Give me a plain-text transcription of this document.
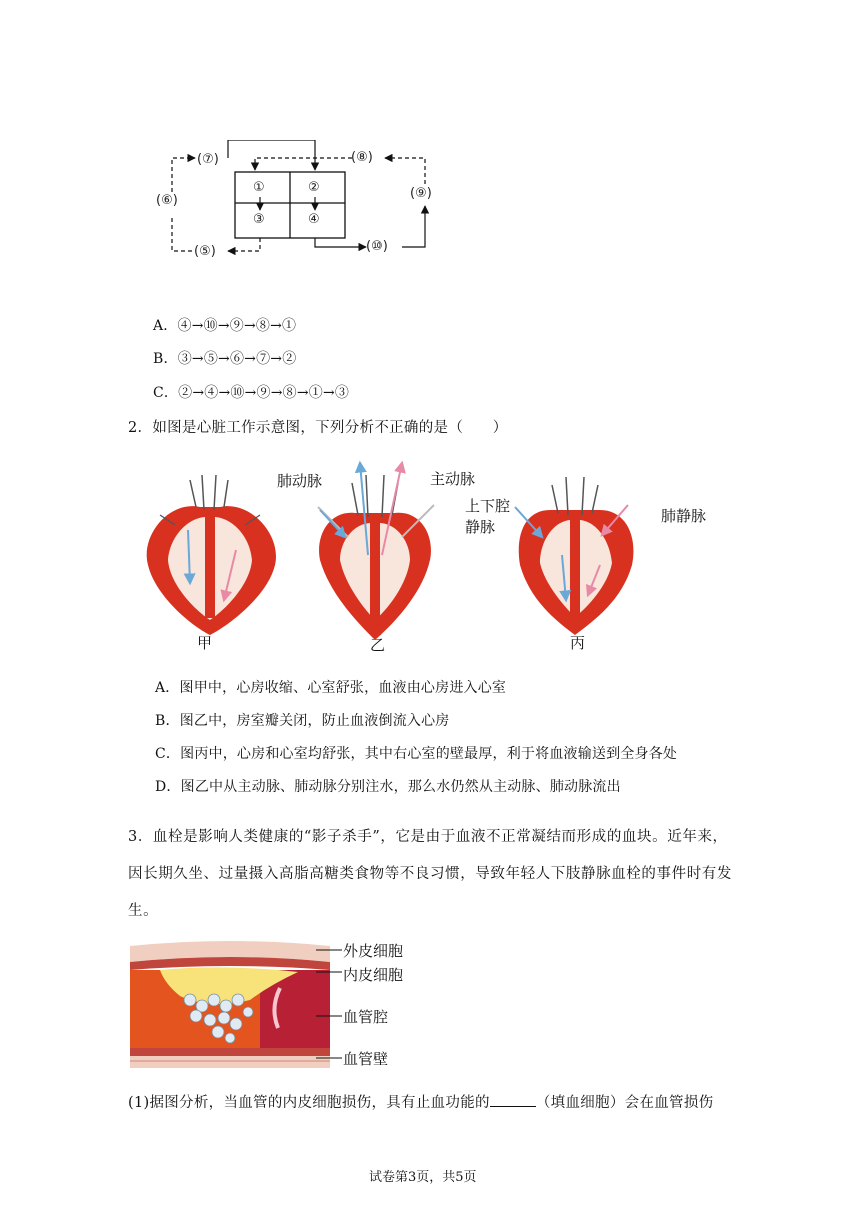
(⑦)	(⑧)
(⑥)	(⑨)
(⑤)	(⑩)
①	②
③	④
A．④→⑩→⑨→⑧→①
B．③→⑤→⑥→⑦→②
C．②→④→⑩→⑨→⑧→①→③
2．如图是心脏工作示意图，下列分析不正确的是（　　）
肺动脉	主动脉
上下腔
静脉
肺静脉
甲	乙	丙
A．图甲中，心房收缩、心室舒张，血液由心房进入心室
B．图乙中，房室瓣关闭，防止血液倒流入心房
C．图丙中，心房和心室均舒张，其中右心室的壁最厚，利于将血液输送到全身各处
D．图乙中从主动脉、肺动脉分别注水，那么水仍然从主动脉、肺动脉流出
3．血栓是影响人类健康的“影子杀手”，它是由于血液不正常凝结而形成的血块。近年来，
因长期久坐、过量摄入高脂高糖类食物等不良习惯，导致年轻人下肢静脉血栓的事件时有发
生。
外皮细胞
内皮细胞
血管腔
血管壁
(1)据图分析，当血管的内皮细胞损伤，具有止血功能的	（填血细胞）会在血管损伤
试卷第3页，共5页
